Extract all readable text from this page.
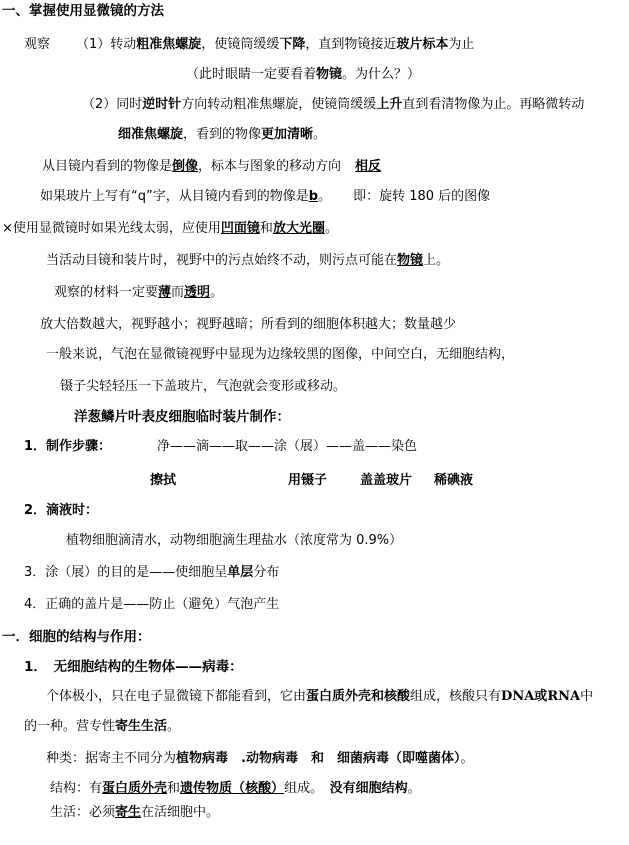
一、掌握使用显微镜的方法
观察 （1）转动粗准焦螺旋，使镜筒缓缓下降，直到物镜接近玻片标本为止
（此时眼睛一定要看着物镜。为什么？）
（2）同时逆时针方向转动粗准焦螺旋，使镜筒缓缓上升直到看清物像为止。再略微转动
细准焦螺旋，看到的物像更加清晰。
从目镜内看到的物像是倒像，标本与图象的移动方向 相反
如果玻片上写有“q”字，从目镜内看到的物像是b。 即：旋转 180 后的图像
×使用显微镜时如果光线太弱，应使用凹面镜和放大光圈。
当活动目镜和装片时，视野中的污点始终不动，则污点可能在物镜上。
观察的材料一定要薄而透明。
放大倍数越大，视野越小；视野越暗；所看到的细胞体积越大；数量越少
一般来说，气泡在显微镜视野中显现为边缘较黑的图像，中间空白，无细胞结构，
镊子尖轻轻压一下盖玻片，气泡就会变形或移动。
洋葱鳞片叶表皮细胞临时装片制作：
1．制作步骤：	净——滴——取——涂（展）——盖——染色
擦拭	用镊子	盖盖玻片 稀碘液
2．滴液时：
植物细胞滴清水，动物细胞滴生理盐水（浓度常为 0.9%）
3．涂（展）的目的是——使细胞呈单层分布
4．正确的盖片是——防止（避免）气泡产生
一．细胞的结构与作用：
1．　无细胞结构的生物体——病毒：
个体极小，只在电子显微镜下都能看到，它由蛋白质外壳和核酸组成，核酸只有DNA或RNA中
的一种。营专性寄生生活。
种类：据寄主不同分为植物病毒　.动物病毒　和　细菌病毒（即噬菌体）。
结构：有蛋白质外壳和遗传物质（核酸）组成。　没有细胞结构。
生活：必须寄生在活细胞中。
